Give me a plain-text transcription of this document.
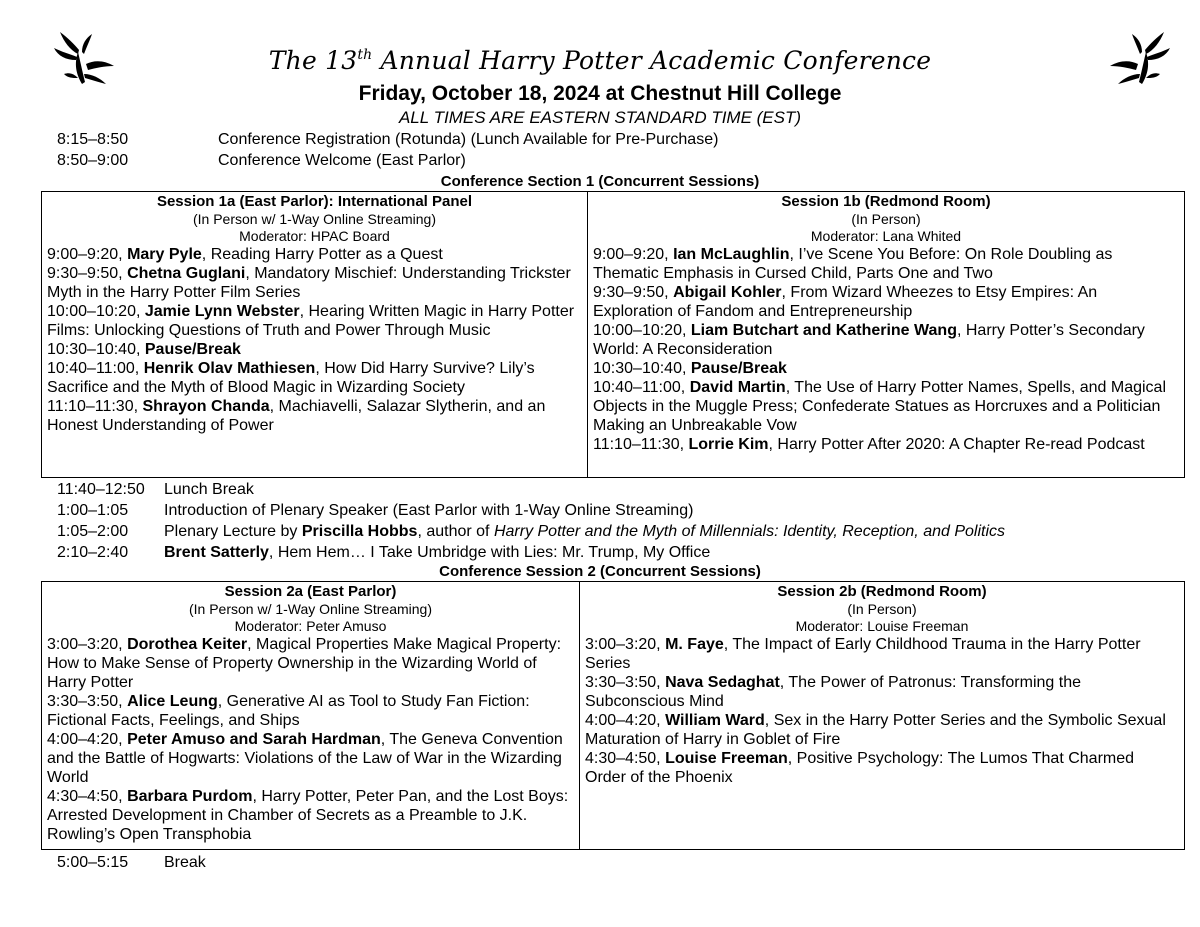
The 13th Annual Harry Potter Academic Conference
Friday, October 18, 2024 at Chestnut Hill College
ALL TIMES ARE EASTERN STANDARD TIME (EST)
8:15–8:50	Conference Registration (Rotunda) (Lunch Available for Pre-Purchase)
8:50–9:00	Conference Welcome (East Parlor)
Conference Section 1 (Concurrent Sessions)
Session 1a (East Parlor): International Panel
(In Person w/ 1-Way Online Streaming)
Moderator: HPAC Board
9:00–9:20, Mary Pyle, Reading Harry Potter as a Quest
9:30–9:50, Chetna Guglani, Mandatory Mischief: Understanding Trickster Myth in the Harry Potter Film Series
10:00–10:20, Jamie Lynn Webster, Hearing Written Magic in Harry Potter Films: Unlocking Questions of Truth and Power Through Music
10:30–10:40, Pause/Break
10:40–11:00, Henrik Olav Mathiesen, How Did Harry Survive? Lily’s Sacrifice and the Myth of Blood Magic in Wizarding Society
11:10–11:30, Shrayon Chanda, Machiavelli, Salazar Slytherin, and an Honest Understanding of Power

Session 1b (Redmond Room)
(In Person)
Moderator: Lana Whited
9:00–9:20, Ian McLaughlin, I’ve Scene You Before: On Role Doubling as Thematic Emphasis in Cursed Child, Parts One and Two
9:30–9:50, Abigail Kohler, From Wizard Wheezes to Etsy Empires: An Exploration of Fandom and Entrepreneurship
10:00–10:20, Liam Butchart and Katherine Wang, Harry Potter’s Secondary World: A Reconsideration
10:30–10:40, Pause/Break
10:40–11:00, David Martin, The Use of Harry Potter Names, Spells, and Magical Objects in the Muggle Press; Confederate Statues as Horcruxes and a Politician Making an Unbreakable Vow
11:10–11:30, Lorrie Kim, Harry Potter After 2020: A Chapter Re-read Podcast
11:40–12:50 Lunch Break
1:00–1:05 Introduction of Plenary Speaker (East Parlor with 1-Way Online Streaming)
1:05–2:00 Plenary Lecture by Priscilla Hobbs, author of Harry Potter and the Myth of Millennials: Identity, Reception, and Politics
2:10–2:40 Brent Satterly, Hem Hem… I Take Umbridge with Lies: Mr. Trump, My Office
Conference Session 2 (Concurrent Sessions)
Session 2a (East Parlor)
(In Person w/ 1-Way Online Streaming)
Moderator: Peter Amuso
3:00–3:20, Dorothea Keiter, Magical Properties Make Magical Property: How to Make Sense of Property Ownership in the Wizarding World of Harry Potter
3:30–3:50, Alice Leung, Generative AI as Tool to Study Fan Fiction: Fictional Facts, Feelings, and Ships
4:00–4:20, Peter Amuso and Sarah Hardman, The Geneva Convention and the Battle of Hogwarts: Violations of the Law of War in the Wizarding World
4:30–4:50, Barbara Purdom, Harry Potter, Peter Pan, and the Lost Boys: Arrested Development in Chamber of Secrets as a Preamble to J.K. Rowling’s Open Transphobia

Session 2b (Redmond Room)
(In Person)
Moderator: Louise Freeman
3:00–3:20, M. Faye, The Impact of Early Childhood Trauma in the Harry Potter Series
3:30–3:50, Nava Sedaghat, The Power of Patronus: Transforming the Subconscious Mind
4:00–4:20, William Ward, Sex in the Harry Potter Series and the Symbolic Sexual Maturation of Harry in Goblet of Fire
4:30–4:50, Louise Freeman, Positive Psychology: The Lumos That Charmed Order of the Phoenix
5:00–5:15 Break
